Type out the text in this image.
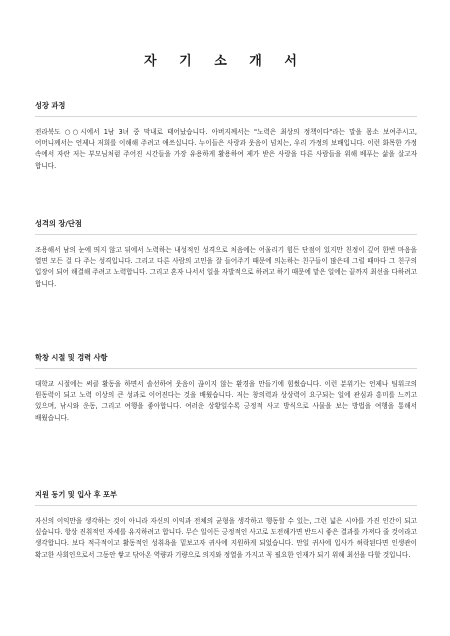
자 기 소 개 서
성장 과정

전라북도 ○○시에서 1남 3녀 중 막내로 태어났습니다. 아버지께서는 "노력은 최상의 정책이다"라는 말을 몸소 보여주시고, 어머니께서는 언제나 저희를 이해해 주려고 애쓰십니다. 누이들은 사랑과 웃음이 넘치는, 우리 가정의 보배입니다. 이런 화목한 가정 속에서 자란 저는 부모님처럼 주어진 시간들을 가장 유용하게 활용하여 제가 받은 사랑을 다른 사람들을 위해 베푸는 삶을 살고자 합니다.

성격의 장/단점

조용해서 남의 눈에 띄지 않고 뒤에서 노력하는 내성적인 성격으로 처음에는 어울리기 힘든 단점이 있지만 친정이 깊어 한번 마음을 열면 모든 걸 다 주는 성격입니다. 그리고 다른 사람의 고민을 잘 들어주기 때문에 의논하는 친구들이 많은데 그럴 때마다 그 친구의 입장이 되어 해결해 주려고 노력합니다. 그리고 혼자 나서서 일을 자발적으로 하려고 하기 때문에 맡은 일에는 끝까지 최선을 다하려고 합니다.

학창 시절 및 경력 사항

대학교 시절에는 써클 활동을 하면서 솔선하여 웃음이 끊이지 않는 환경을 만들기에 힘썼습니다. 이런 분위기는 언제나 팀워크의 원동력이 되고 노력 이상의 큰 성과로 이어진다는 것을 배웠습니다. 저는 창의력과 상상력이 요구되는 일에 관심과 흥미를 느끼고 있으며, 낚시와 운동, 그리고 여행을 좋아합니다. 여러운 상황일수록 긍정적 사고 방식으로 사물을 보는 방법을 여행을 통해서 배웠습니다.

지원 동기 및 입사 후 포부

자신의 이익만을 생각하는 것이 아니라 자신의 이익과 전체의 균형을 생각하고 행동할 수 있는, 그런 넓은 시야를 가진 인간이 되고 싶습니다. 항상 진취적인 자세를 유지하려고 합니다. 무슨 일이든 긍정적인 사고로 도전해가면 반드시 좋은 결과를 가져다 줄 것이라고 생각합니다. 보다 적극적이고 활동적인 성취욕을 밑보고자 귀사에 지원하게 되었습니다. 만일 귀사에 입사가 허락된다면 인생관이 확고한 사회인으로서 그동안 쌓고 닦아온 역량과 기량으로 의지와 정열을 가지고 꼭 필요한 인재가 되기 위해 최선을 다할 것입니다.
